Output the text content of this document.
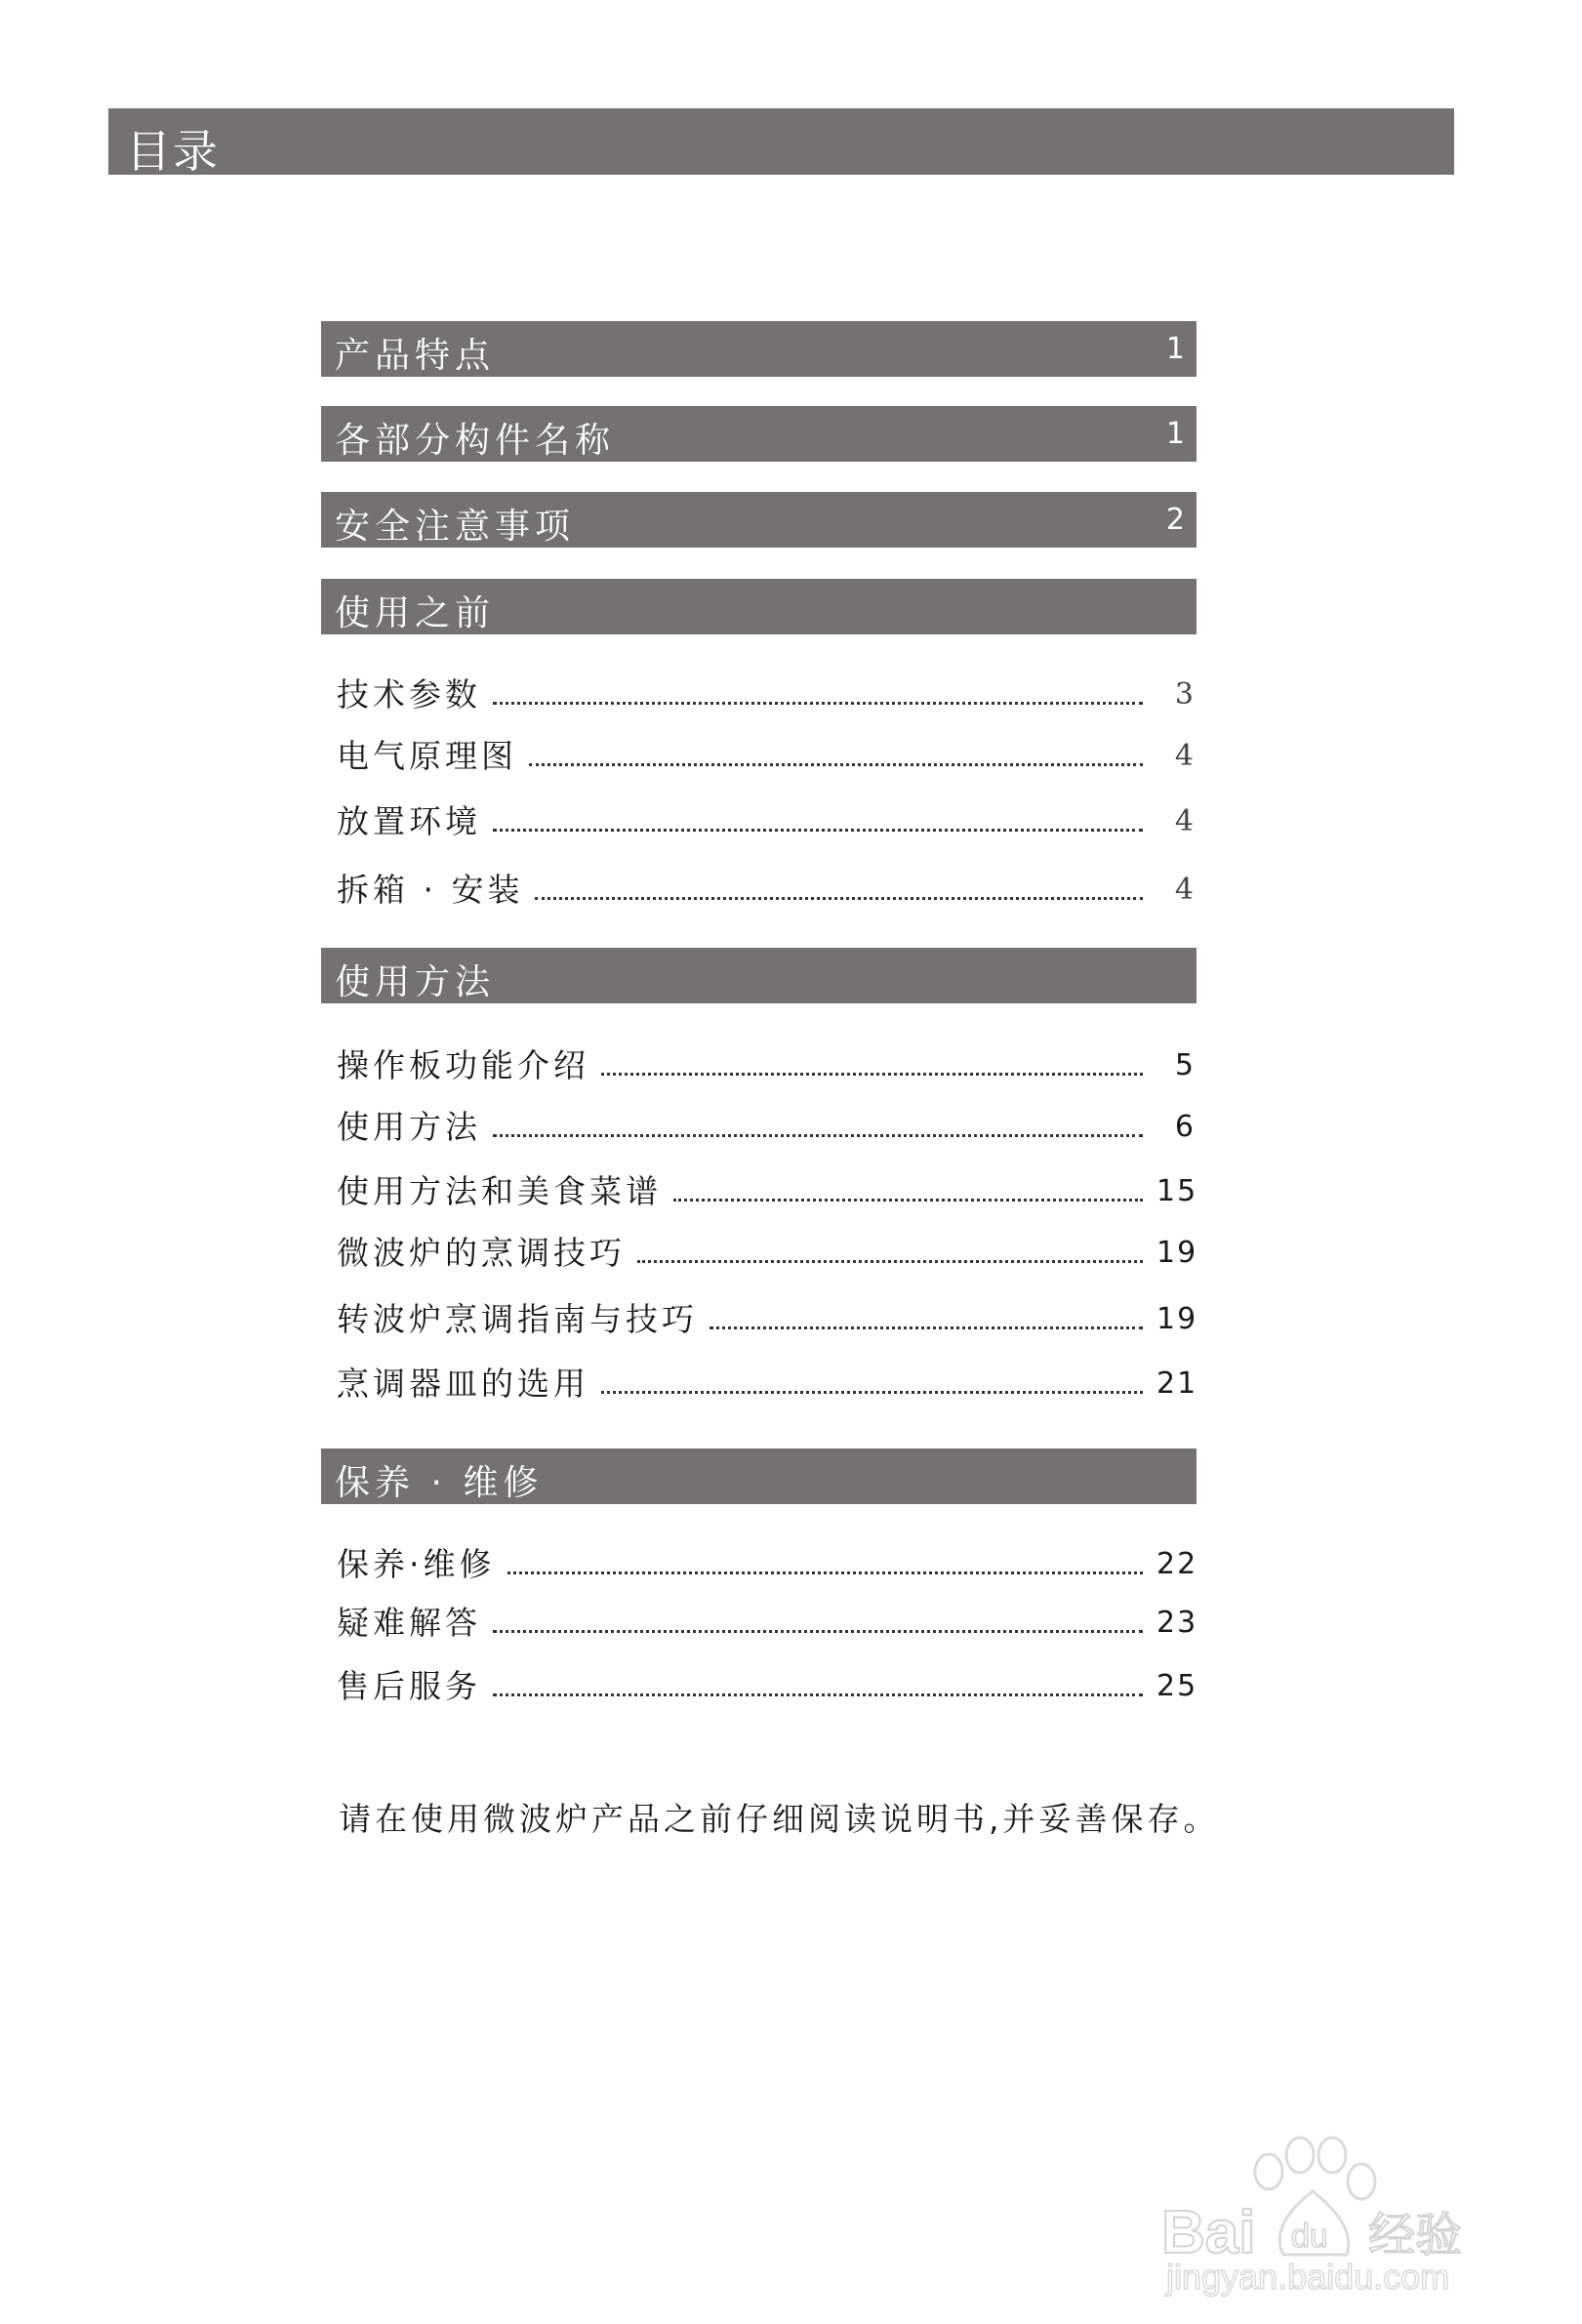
目录
产品特点	1
各部分构件名称	1
安全注意事项	2
使用之前
技术参数	3
电气原理图	4
放置环境	4
拆箱 · 安装	4
使用方法
操作板功能介绍	5
使用方法	6
使用方法和美食菜谱	15
微波炉的烹调技巧	19
转波炉烹调指南与技巧	19
烹调器皿的选用	21
保养 · 维修
保养·维修	22
疑难解答	23
售后服务	25
请在使用微波炉产品之前仔细阅读说明书,并妥善保存。
Bai du 经验
jingyan.baidu.com
